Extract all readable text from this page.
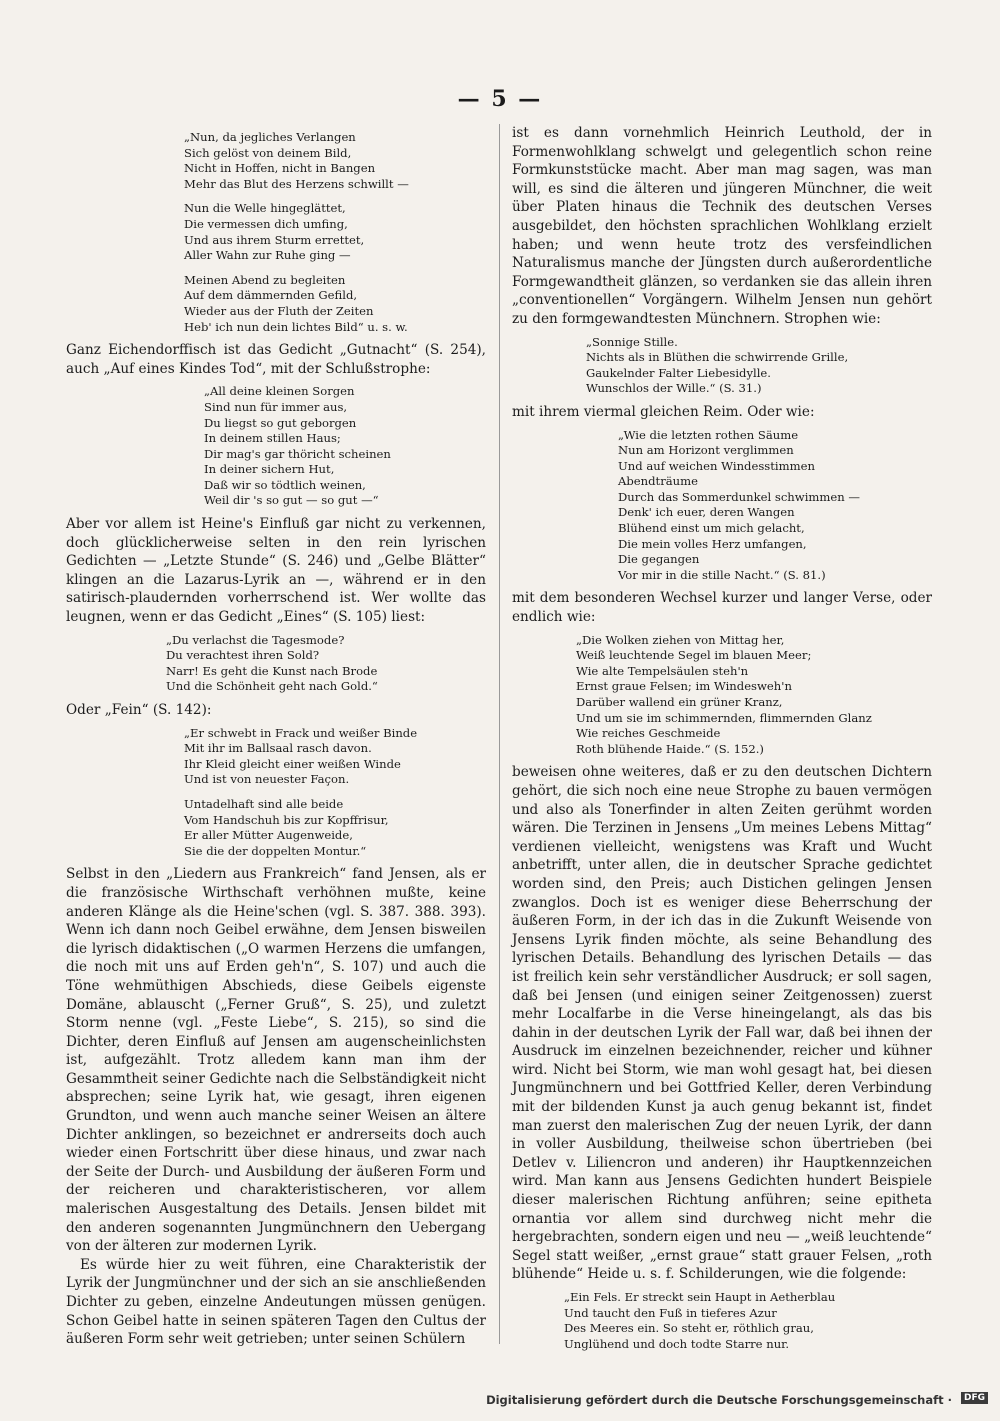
— 5 —
„Nun, da jegliches Verlangen
Sich gelöst von deinem Bild,
Nicht in Hoffen, nicht in Bangen
Mehr das Blut des Herzens schwillt —
Nun die Welle hingeglättet,
Die vermessen dich umfing,
Und aus ihrem Sturm errettet,
Aller Wahn zur Ruhe ging —
Meinen Abend zu begleiten
Auf dem dämmernden Gefild,
Wieder aus der Fluth der Zeiten
Heb' ich nun dein lichtes Bild“ u. s. w.

Ganz Eichendorffisch ist das Gedicht „Gutnacht“ (S. 254), auch „Auf eines Kindes Tod“, mit der Schlußstrophe:

„All deine kleinen Sorgen
Sind nun für immer aus,
Du liegst so gut geborgen
In deinem stillen Haus;
Dir mag's gar thöricht scheinen
In deiner sichern Hut,
Daß wir so tödtlich weinen,
Weil dir 's so gut — so gut —“

Aber vor allem ist Heine's Einfluß gar nicht zu verkennen, doch glücklicherweise selten in den rein lyrischen Gedichten — „Letzte Stunde“ (S. 246) und „Gelbe Blätter“ klingen an die Lazarus-Lyrik an —, während er in den satirisch-plaudernden vorherrschend ist. Wer wollte das leugnen, wenn er das Gedicht „Eines“ (S. 105) liest:

„Du verlachst die Tagesmode?
Du verachtest ihren Sold?
Narr! Es geht die Kunst nach Brode
Und die Schönheit geht nach Gold.“

Oder „Fein“ (S. 142):

„Er schwebt in Frack und weißer Binde
Mit ihr im Ballsaal rasch davon.
Ihr Kleid gleicht einer weißen Winde
Und ist von neuester Façon.
Untadelhaft sind alle beide
Vom Handschuh bis zur Kopffrisur,
Er aller Mütter Augenweide,
Sie die der doppelten Montur.“

Selbst in den „Liedern aus Frankreich“ fand Jensen, als er die französische Wirthschaft verhöhnen mußte, keine anderen Klänge als die Heine'schen (vgl. S. 387. 388. 393). Wenn ich dann noch Geibel erwähne, dem Jensen bisweilen die lyrisch didaktischen („O warmen Herzens die umfangen, die noch mit uns auf Erden geh'n“, S. 107) und auch die Töne wehmüthigen Abschieds, diese Geibels eigenste Domäne, ablauscht („Ferner Gruß“, S. 25), und zuletzt Storm nenne (vgl. „Feste Liebe“, S. 215), so sind die Dichter, deren Einfluß auf Jensen am augenscheinlichsten ist, aufgezählt. Trotz alledem kann man ihm der Gesammtheit seiner Gedichte nach die Selbständigkeit nicht absprechen; seine Lyrik hat, wie gesagt, ihren eigenen Grundton, und wenn auch manche seiner Weisen an ältere Dichter anklingen, so bezeichnet er andrerseits doch auch wieder einen Fortschritt über diese hinaus, und zwar nach der Seite der Durch- und Ausbildung der äußeren Form und der reicheren und charakteristischeren, vor allem malerischen Ausgestaltung des Details. Jensen bildet mit den anderen sogenannten Jungmünchnern den Uebergang von der älteren zur modernen Lyrik.

Es würde hier zu weit führen, eine Charakteristik der Lyrik der Jungmünchner und der sich an sie anschließenden Dichter zu geben, einzelne Andeutungen müssen genügen. Schon Geibel hatte in seinen späteren Tagen den Cultus der äußeren Form sehr weit getrieben; unter seinen Schülern

ist es dann vornehmlich Heinrich Leuthold, der in Formenwohlklang schwelgt und gelegentlich schon reine Formkunststücke macht. Aber man mag sagen, was man will, es sind die älteren und jüngeren Münchner, die weit über Platen hinaus die Technik des deutschen Verses ausgebildet, den höchsten sprachlichen Wohlklang erzielt haben; und wenn heute trotz des versfeindlichen Naturalismus manche der Jüngsten durch außerordentliche Formgewandtheit glänzen, so verdanken sie das allein ihren „conventionellen“ Vorgängern. Wilhelm Jensen nun gehört zu den formgewandtesten Münchnern. Strophen wie:

„Sonnige Stille.
Nichts als in Blüthen die schwirrende Grille,
Gaukelnder Falter Liebesidylle.
Wunschlos der Wille.“ (S. 31.)

mit ihrem viermal gleichen Reim. Oder wie:

„Wie die letzten rothen Säume
Nun am Horizont verglimmen
Und auf weichen Windesstimmen
Abendträume
Durch das Sommerdunkel schwimmen —
Denk' ich euer, deren Wangen
Blühend einst um mich gelacht,
Die mein volles Herz umfangen,
Die gegangen
Vor mir in die stille Nacht.“ (S. 81.)

mit dem besonderen Wechsel kurzer und langer Verse, oder endlich wie:

„Die Wolken ziehen von Mittag her,
Weiß leuchtende Segel im blauen Meer;
Wie alte Tempelsäulen steh'n
Ernst graue Felsen; im Windesweh'n
Darüber wallend ein grüner Kranz,
Und um sie im schimmernden, flimmernden Glanz
Wie reiches Geschmeide
Roth blühende Haide.“ (S. 152.)

beweisen ohne weiteres, daß er zu den deutschen Dichtern gehört, die sich noch eine neue Strophe zu bauen vermögen und also als Tonerfinder in alten Zeiten gerühmt worden wären. Die Terzinen in Jensens „Um meines Lebens Mittag“ verdienen vielleicht, wenigstens was Kraft und Wucht anbetrifft, unter allen, die in deutscher Sprache gedichtet worden sind, den Preis; auch Distichen gelingen Jensen zwanglos. Doch ist es weniger diese Beherrschung der äußeren Form, in der ich das in die Zukunft Weisende von Jensens Lyrik finden möchte, als seine Behandlung des lyrischen Details. Behandlung des lyrischen Details — das ist freilich kein sehr verständlicher Ausdruck; er soll sagen, daß bei Jensen (und einigen seiner Zeitgenossen) zuerst mehr Localfarbe in die Verse hineingelangt, als das bis dahin in der deutschen Lyrik der Fall war, daß bei ihnen der Ausdruck im einzelnen bezeichnender, reicher und kühner wird. Nicht bei Storm, wie man wohl gesagt hat, bei diesen Jungmünchnern und bei Gottfried Keller, deren Verbindung mit der bildenden Kunst ja auch genug bekannt ist, findet man zuerst den malerischen Zug der neuen Lyrik, der dann in voller Ausbildung, theilweise schon übertrieben (bei Detlev v. Liliencron und anderen) ihr Hauptkennzeichen wird. Man kann aus Jensens Gedichten hundert Beispiele dieser malerischen Richtung anführen; seine epitheta ornantia vor allem sind durchweg nicht mehr die hergebrachten, sondern eigen und neu — „weiß leuchtende“ Segel statt weißer, „ernst graue“ statt grauer Felsen, „roth blühende“ Heide u. s. f. Schilderungen, wie die folgende:

„Ein Fels. Er streckt sein Haupt in Aetherblau
Und taucht den Fuß in tieferes Azur
Des Meeres ein. So steht er, röthlich grau,
Unglühend und doch todte Starre nur.
Digitalisierung gefördert durch die Deutsche Forschungsgemeinschaft ·	DFG
